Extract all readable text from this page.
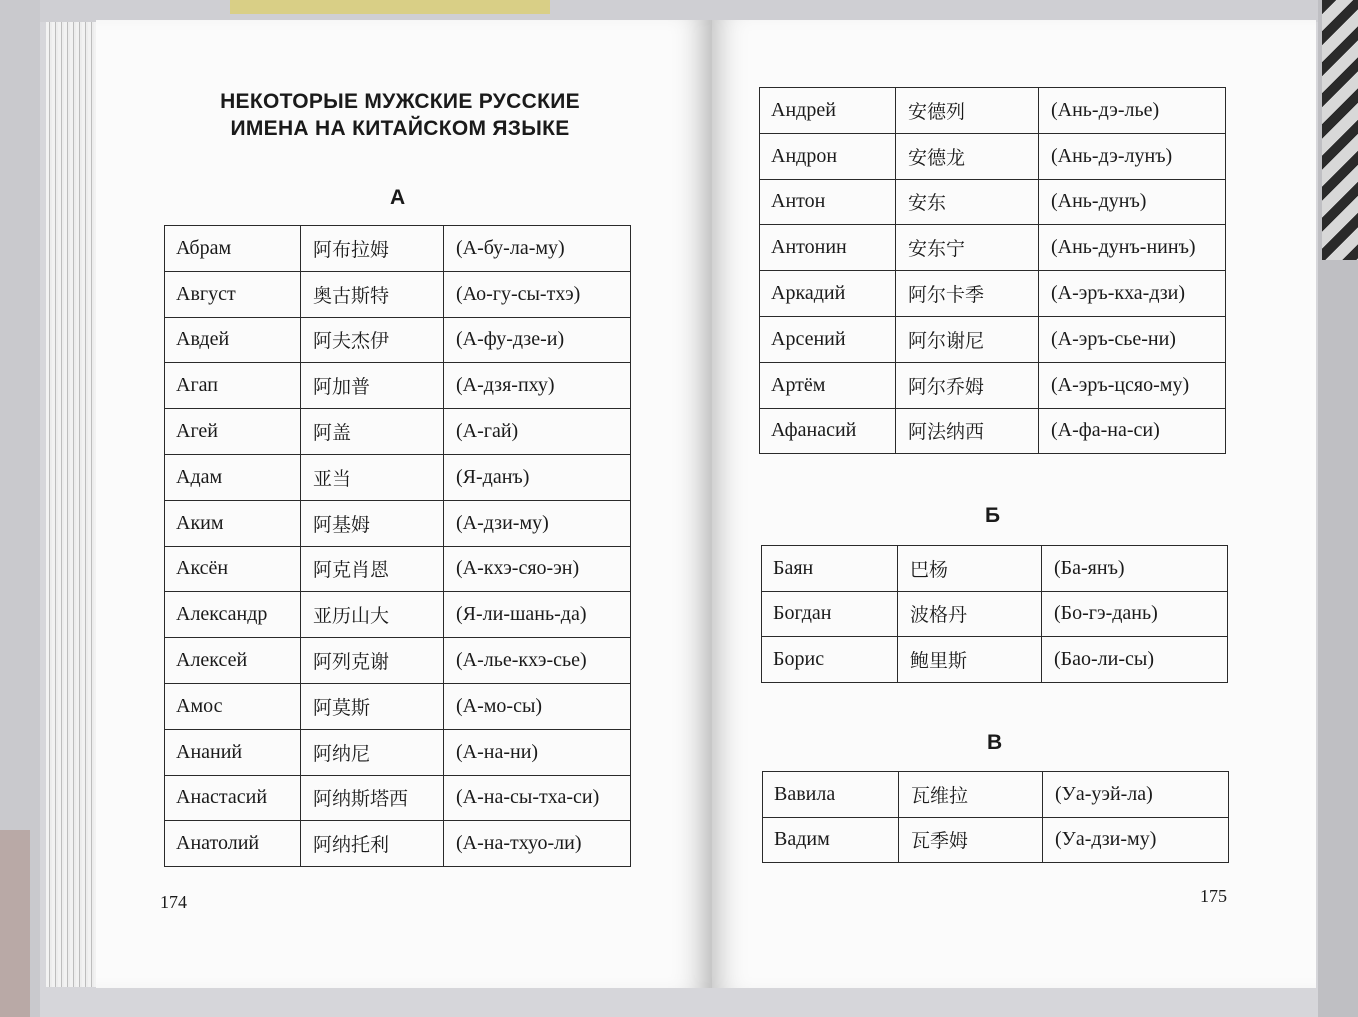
НЕКОТОРЫЕ МУЖСКИЕ РУССКИЕ
ИМЕНА НА КИТАЙСКОМ ЯЗЫКЕ
А
Абрам	阿布拉姆	(А-бу-ла-му)
Август	奥古斯特	(Ао-гу-сы-тхэ)
Авдей	阿夫杰伊	(А-фу-дзе-и)
Агап	阿加普	(А-дзя-пху)
Агей	阿盖	(А-гай)
Адам	亚当	(Я-данъ)
Аким	阿基姆	(А-дзи-му)
Аксён	阿克肖恩	(А-кхэ-сяо-эн)
Александр	亚历山大	(Я-ли-шань-да)
Алексей	阿列克谢	(А-лье-кхэ-сье)
Амос	阿莫斯	(А-мо-сы)
Ананий	阿纳尼	(А-на-ни)
Анастасий	阿纳斯塔西	(А-на-сы-тха-си)
Анатолий	阿纳托利	(А-на-тхуо-ли)
174
Андрей	安德列	(Ань-дэ-лье)
Андрон	安德龙	(Ань-дэ-лунъ)
Антон	安东	(Ань-дунъ)
Антонин	安东宁	(Ань-дунъ-нинъ)
Аркадий	阿尔卡季	(А-эръ-кха-дзи)
Арсений	阿尔谢尼	(А-эръ-сье-ни)
Артём	阿尔乔姆	(А-эръ-цсяо-му)
Афанасий	阿法纳西	(А-фа-на-си)
Б
Баян	巴杨	(Ба-янъ)
Богдан	波格丹	(Бо-гэ-дань)
Борис	鲍里斯	(Бао-ли-сы)
В
Вавила	瓦维拉	(Уа-уэй-ла)
Вадим	瓦季姆	(Уа-дзи-му)
175
